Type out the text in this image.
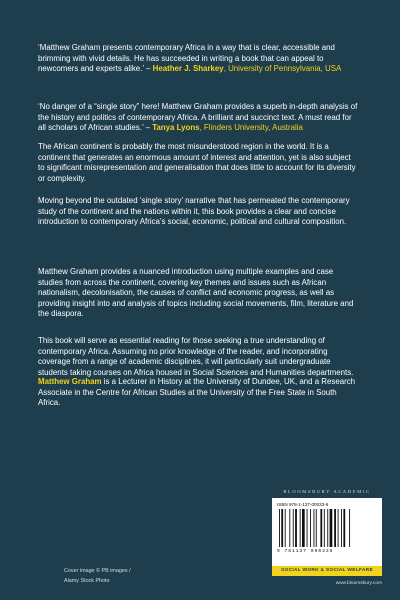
‘Matthew Graham presents contemporary Africa in a way that is clear, accessible and brimming with vivid details. He has succeeded in writing a book that can appeal to newcomers and experts alike.’ – Heather J. Sharkey, University of Pennsylvania, USA

‘No danger of a “single story” here! Matthew Graham provides a superb in-depth analysis of the history and politics of contemporary Africa. A brilliant and succinct text. A must read for all scholars of African studies.’ – Tanya Lyons, Flinders University, Australia

The African continent is probably the most misunderstood region in the world. It is a continent that generates an enormous amount of interest and attention, yet is also subject to significant misrepresentation and generalisation that does little to account for its diversity or complexity.

Moving beyond the outdated ‘single story’ narrative that has permeated the contemporary study of the continent and the nations within it, this book provides a clear and concise introduction to contemporary Africa’s social, economic, political and cultural composition.

Matthew Graham provides a nuanced introduction using multiple examples and case studies from across the continent, covering key themes and issues such as African nationalism, decolonisation, the causes of conflict and economic progress, as well as providing insight into and analysis of topics including social movements, film, literature and the diaspora.

This book will serve as essential reading for those seeking a true understanding of contemporary Africa. Assuming no prior knowledge of the reader, and incorporating coverage from a range of academic disciplines, it will particularly suit undergraduate students taking courses on Africa housed in Social Sciences and Humanities departments.

Matthew Graham is a Lecturer in History at the University of Dundee, UK, and a Research Associate in the Centre for African Studies at the University of the Free State in South Africa.

BLOOMSBURY ACADEMIC
ISBN 978-1-137-00033-6
9 781137 000336
SOCIAL WORK & SOCIAL WELFARE
www.bloomsbury.com
Cover image © PB images /
Alamy Stock Photo
